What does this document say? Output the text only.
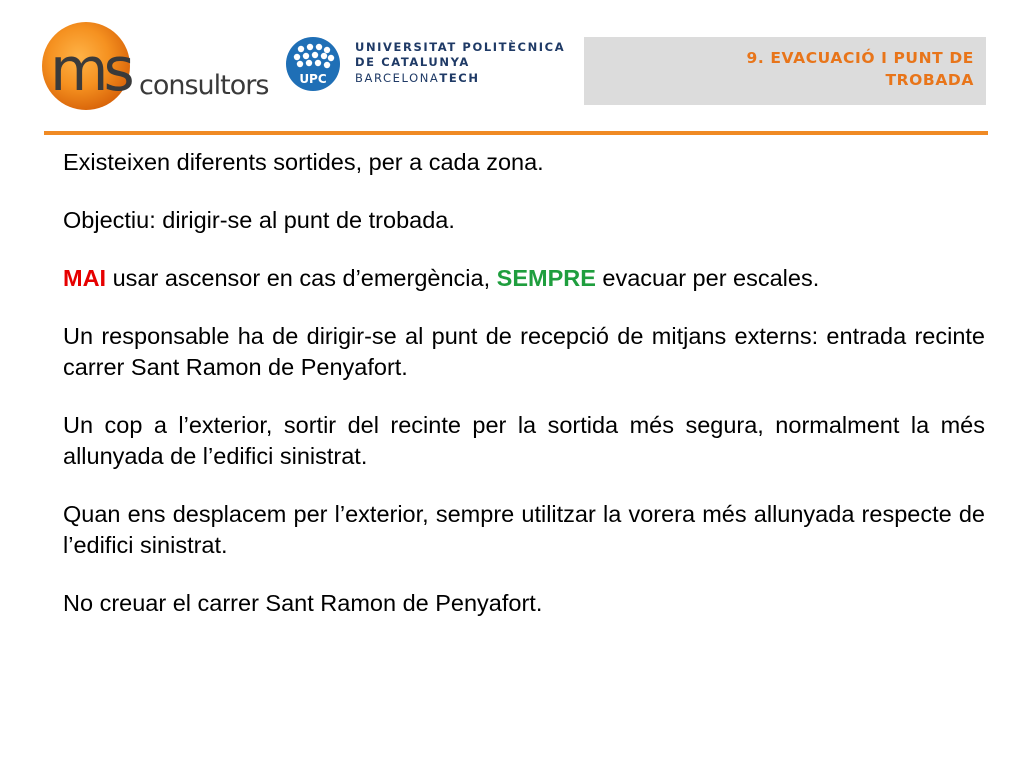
ms consultors	UPC
UNIVERSITAT POLITÈCNICA
DE CATALUNYA
BARCELONATECH
9. EVACUACIÓ I PUNT DE
TROBADA

Existeixen diferents sortides, per a cada zona.

Objectiu: dirigir-se al punt de trobada.

MAI usar ascensor en cas d’emergència, SEMPRE evacuar per escales.

Un responsable ha de dirigir-se al punt de recepció de mitjans externs: entrada recinte carrer Sant Ramon de Penyafort.

Un cop a l’exterior, sortir del recinte per la sortida més segura, normalment la més allunyada de l’edifici sinistrat.

Quan ens desplacem per l’exterior, sempre utilitzar la vorera més allunyada respecte de l’edifici sinistrat.

No creuar el carrer Sant Ramon de Penyafort.
